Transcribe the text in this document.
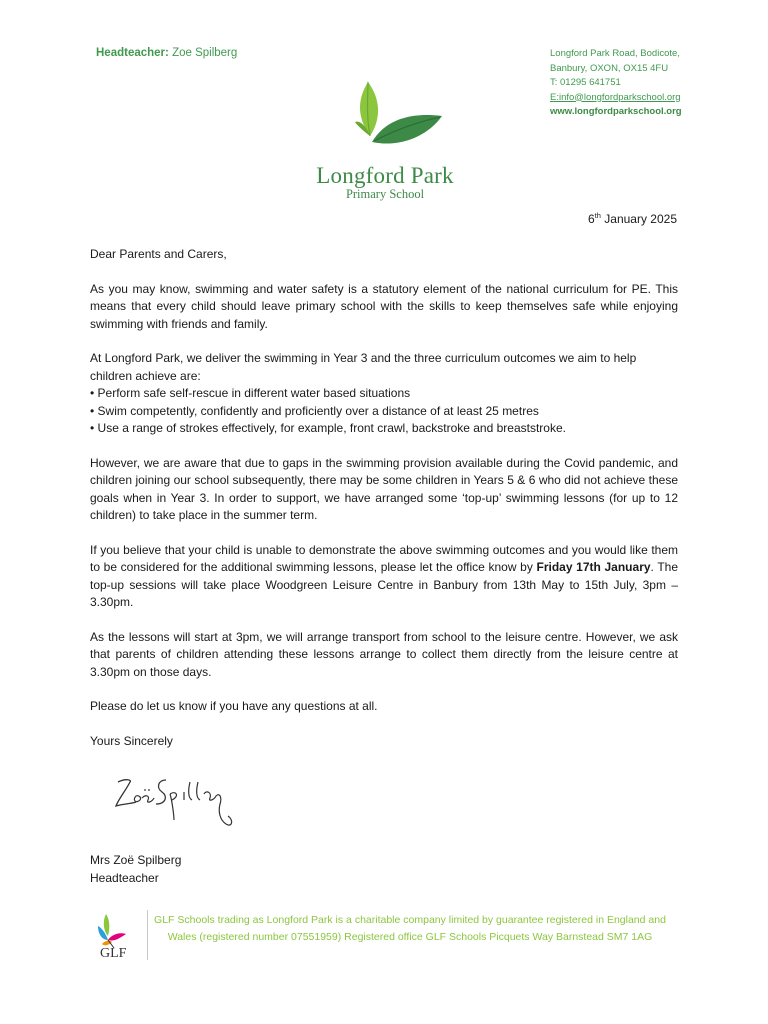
Headteacher: Zoe Spilberg	Longford Park Road, Bodicote,
Banbury, OXON, OX15 4FU
T: 01295 641751
E:info@longfordparkschool.org
www.longfordparkschool.org
Longford Park
Primary School
6th January 2025

Dear Parents and Carers,

As you may know, swimming and water safety is a statutory element of the national curriculum for PE. This means that every child should leave primary school with the skills to keep themselves safe while enjoying swimming with friends and family.

At Longford Park, we deliver the swimming in Year 3 and the three curriculum outcomes we aim to help children achieve are:

• Perform safe self-rescue in different water based situations
• Swim competently, confidently and proficiently over a distance of at least 25 metres
• Use a range of strokes effectively, for example, front crawl, backstroke and breaststroke.

However, we are aware that due to gaps in the swimming provision available during the Covid pandemic, and children joining our school subsequently, there may be some children in Years 5 & 6 who did not achieve these goals when in Year 3. In order to support, we have arranged some ‘top-up’ swimming lessons (for up to 12 children) to take place in the summer term.

If you believe that your child is unable to demonstrate the above swimming outcomes and you would like them to be considered for the additional swimming lessons, please let the office know by Friday 17th January. The top-up sessions will take place Woodgreen Leisure Centre in Banbury from 13th May to 15th July, 3pm –3.30pm.

As the lessons will start at 3pm, we will arrange transport from school to the leisure centre. However, we ask that parents of children attending these lessons arrange to collect them directly from the leisure centre at 3.30pm on those days.

Please do let us know if you have any questions at all.

Yours Sincerely

Mrs Zoë Spilberg
Headteacher
GLF
GLF Schools trading as Longford Park is a charitable company limited by guarantee registered in England and Wales (registered number 07551959) Registered office GLF Schools Picquets Way Barnstead SM7 1AG
